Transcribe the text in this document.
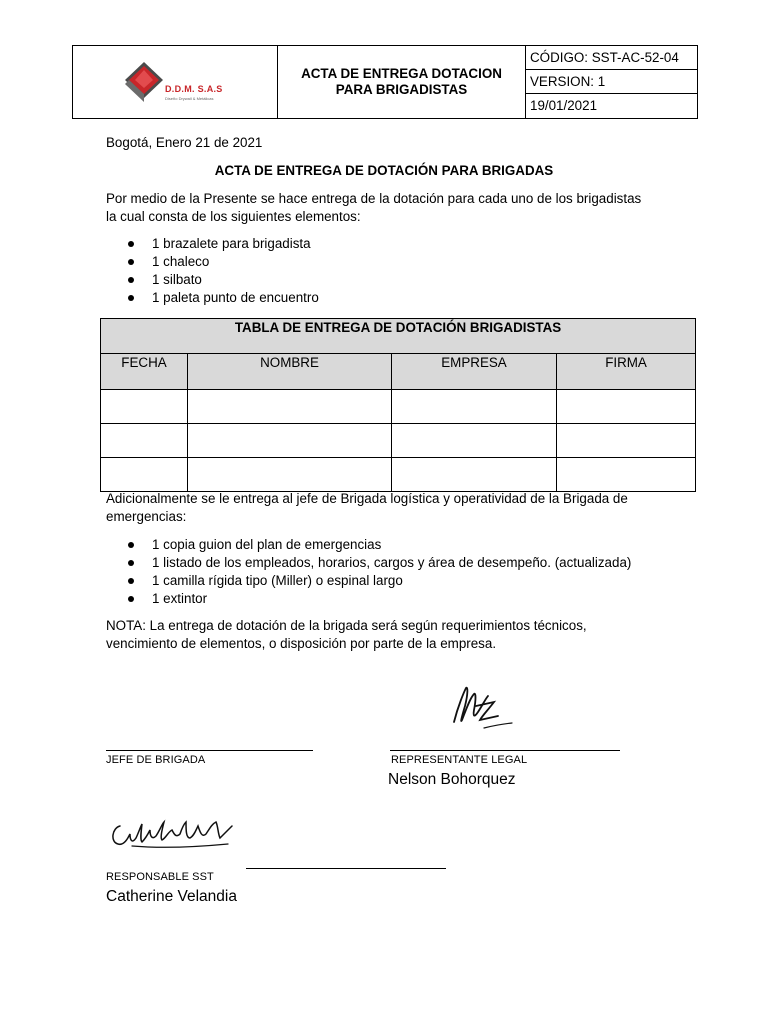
D.D.M. S.A.S
Diseño Drywall & Metálicas
ACTA DE ENTREGA DOTACION
PARA BRIGADISTAS
CÓDIGO: SST-AC-52-04
VERSION: 1
19/01/2021
Bogotá, Enero 21 de 2021
ACTA DE ENTREGA DE DOTACIÓN PARA BRIGADAS
Por medio de la Presente se hace entrega de la dotación para cada uno de los brigadistas
la cual consta de los siguientes elementos:
1 brazalete para brigadista
1 chaleco
1 silbato
1 paleta punto de encuentro
TABLA DE ENTREGA DE DOTACIÓN BRIGADISTAS			
FECHA	NOMBRE	EMPRESA	FIRMA

Adicionalmente se le entrega al jefe de Brigada logística y operatividad de la Brigada de
emergencias:
1 copia guion del plan de emergencias
1 listado de los empleados, horarios, cargos y área de desempeño. (actualizada)
1 camilla rígida tipo (Miller) o espinal largo
1 extintor
NOTA: La entrega de dotación de la brigada será según requerimientos técnicos,
vencimiento de elementos, o disposición por parte de la empresa.
JEFE DE BRIGADA	REPRESENTANTE LEGAL
Nelson Bohorquez
RESPONSABLE SST
Catherine Velandia
